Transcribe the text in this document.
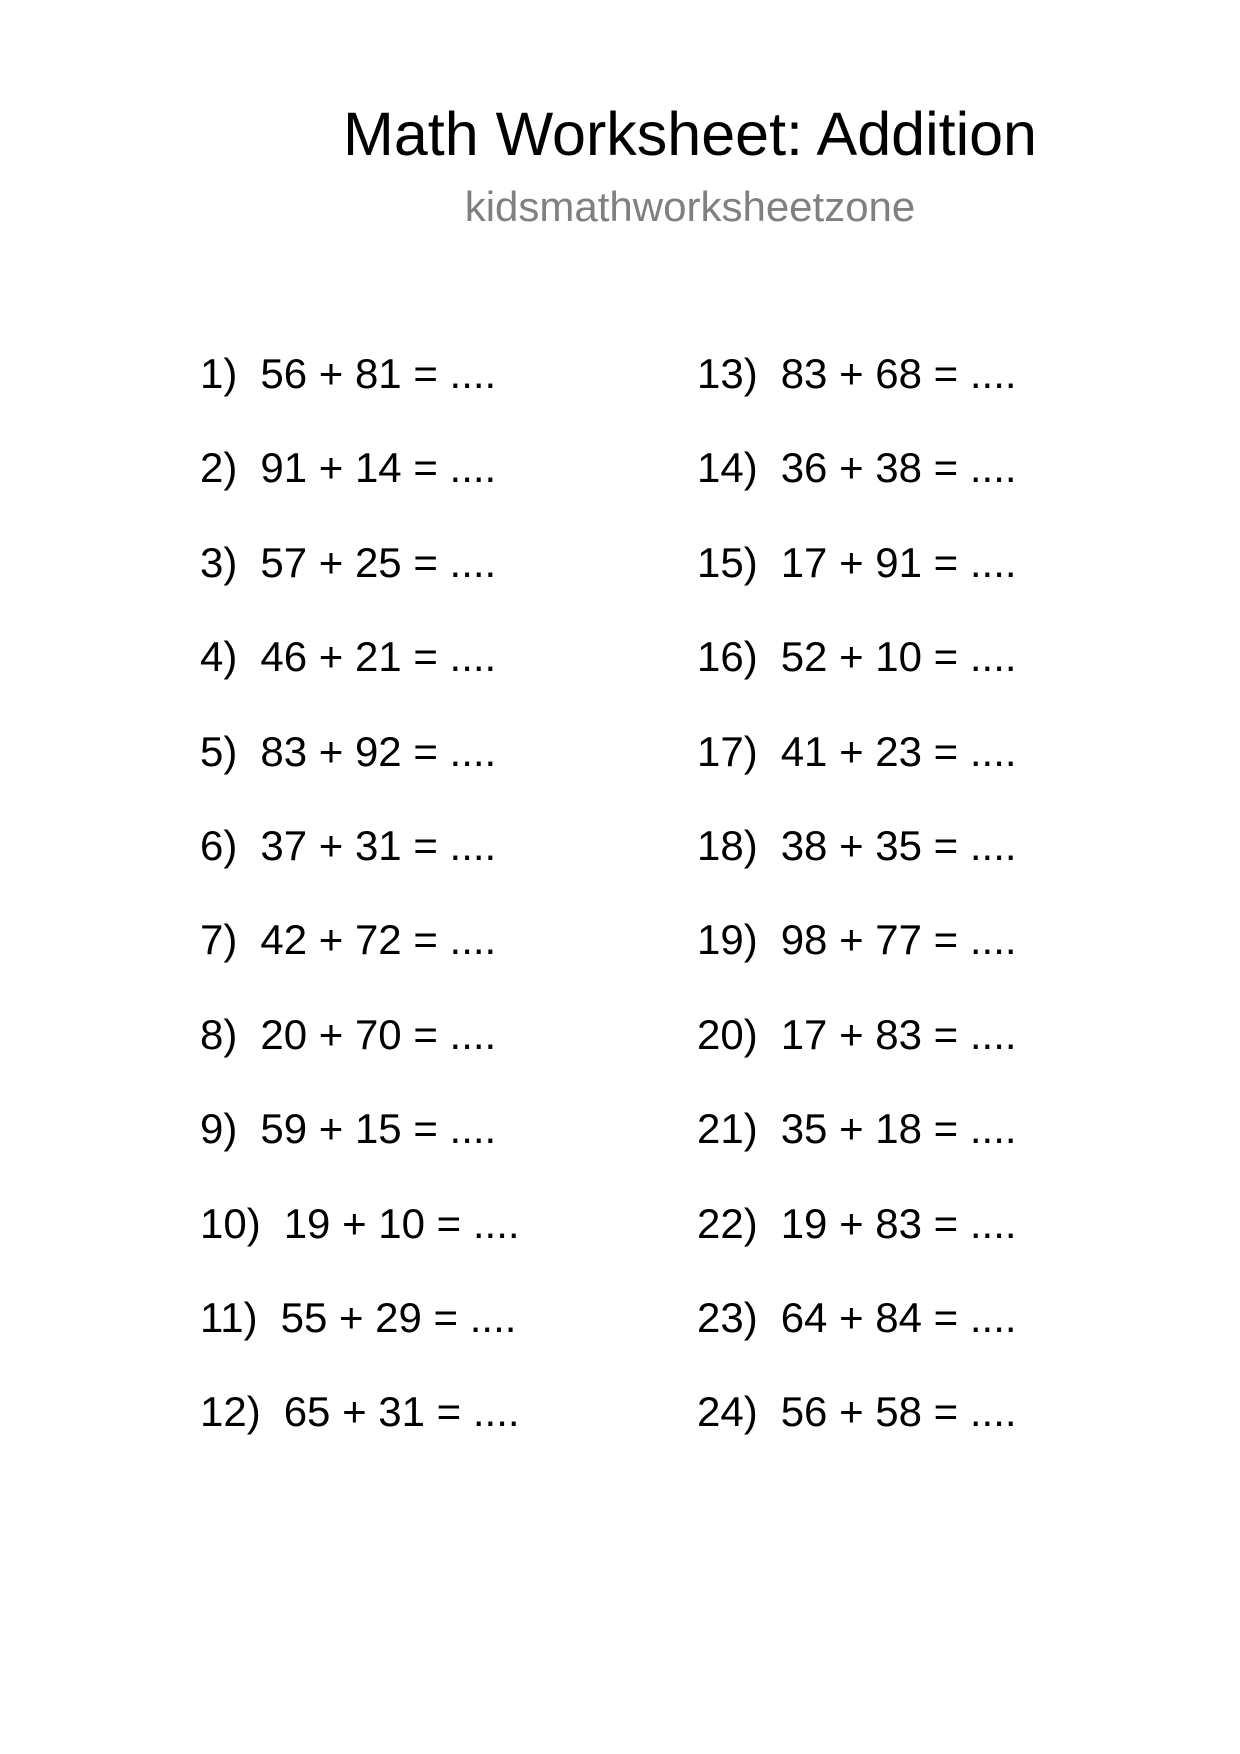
Math Worksheet: Addition
kidsmathworksheetzone
1) 56 + 81 = ....
2) 91 + 14 = ....
3) 57 + 25 = ....
4) 46 + 21 = ....
5) 83 + 92 = ....
6) 37 + 31 = ....
7) 42 + 72 = ....
8) 20 + 70 = ....
9) 59 + 15 = ....
10) 19 + 10 = ....
11) 55 + 29 = ....
12) 65 + 31 = ....
13) 83 + 68 = ....
14) 36 + 38 = ....
15) 17 + 91 = ....
16) 52 + 10 = ....
17) 41 + 23 = ....
18) 38 + 35 = ....
19) 98 + 77 = ....
20) 17 + 83 = ....
21) 35 + 18 = ....
22) 19 + 83 = ....
23) 64 + 84 = ....
24) 56 + 58 = ....
